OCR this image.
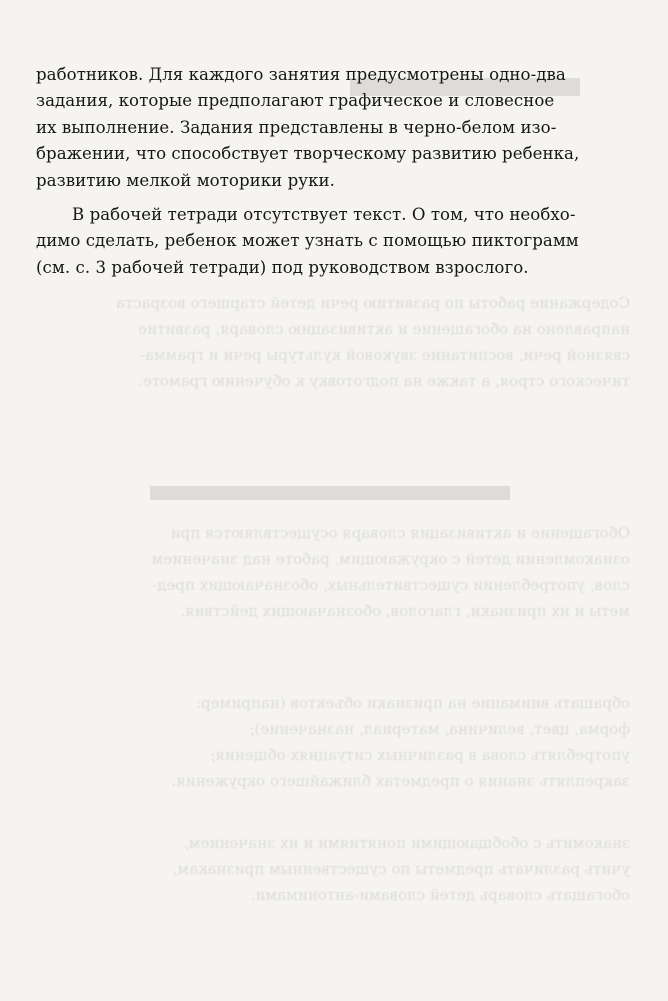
Содержание работы по развитию речи детей старшего возраста
направлено на обогащение и активизацию словаря, развитие
связной речи, воспитание звуковой культуры речи и грамма-
тического строя, а также на подготовку к обучению грамоте.
Обогащение и активизация словаря осуществляются при
ознакомлении детей с окружающим, работе над значением
слов, употреблении существительных, обозначающих пред-
меты и их признаки, глаголов, обозначающих действия.
обращать внимание на признаки объектов (например:
форма, цвет, величина, материал, назначение);
употреблять слова в различных ситуациях общения;
закреплять знания о предметах ближайшего окружения.
знакомить с обобщающими понятиями и их значением,
учить различать предметы по существенным признакам,
обогащать словарь детей словами-антонимами.

работников. Для каждого занятия предусмотрены одно-два
задания, которые предполагают графическое и словесное
их выполнение. Задания представлены в черно-белом изо-
бражении, что способствует творческому развитию ребенка,
развитию мелкой моторики руки.

В рабочей тетради отсутствует текст. О том, что необхо-
димо сделать, ребенок может узнать с помощью пиктограмм
(см. с. 3 рабочей тетради) под руководством взрослого.
